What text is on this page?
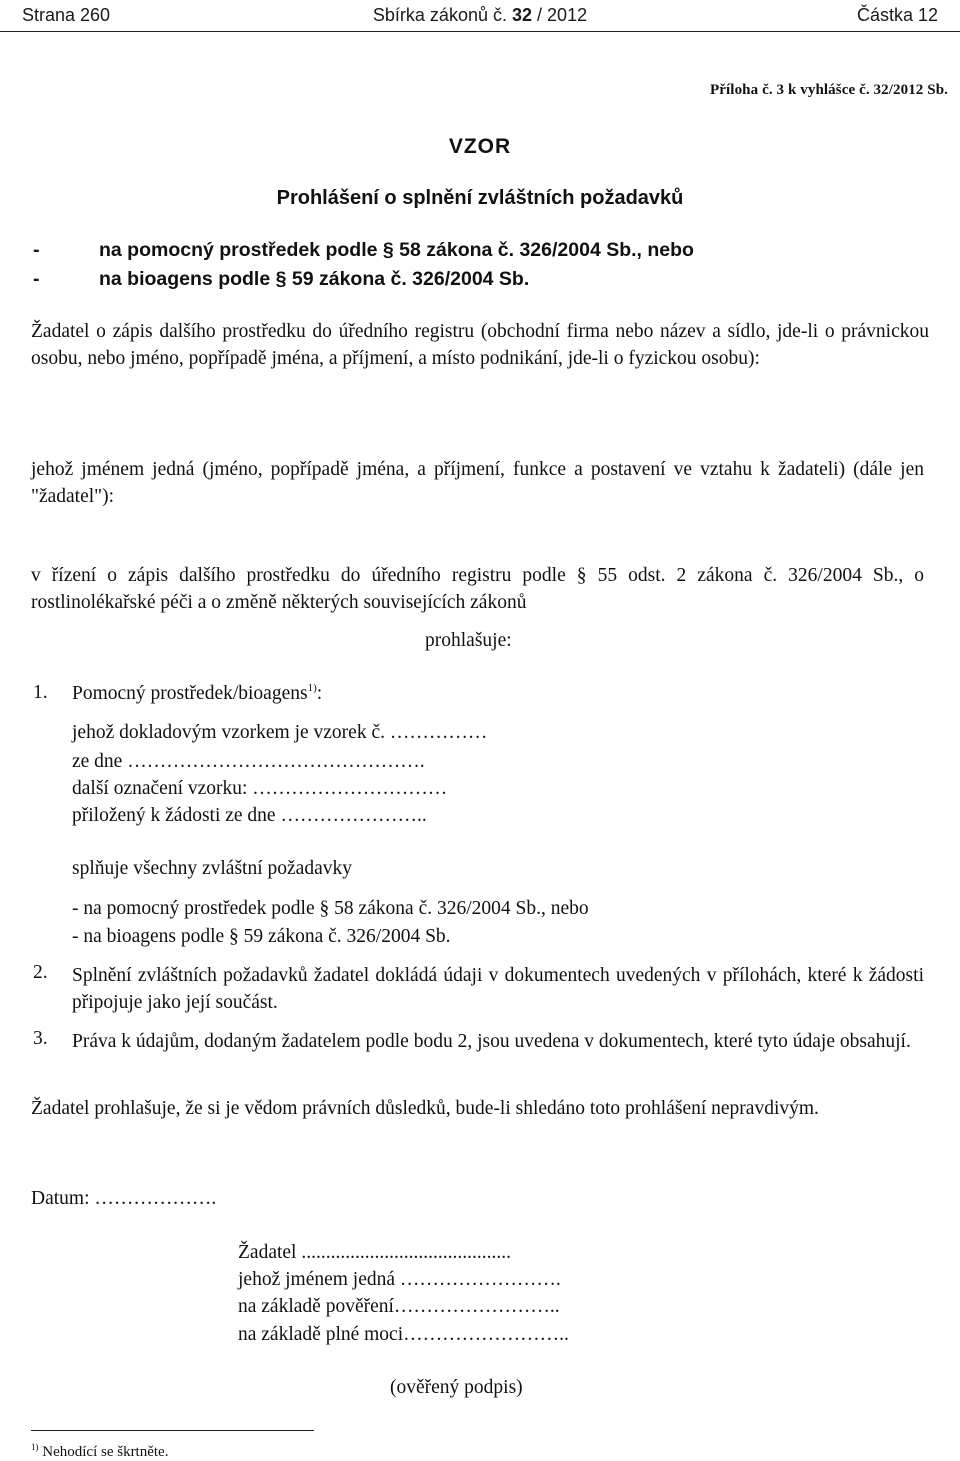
Strana 260	Sbírka zákonů č. 32 / 2012	Částka 12
Příloha č. 3 k vyhlášce č. 32/2012 Sb.
VZOR
Prohlášení o splnění zvláštních požadavků
-	na pomocný prostředek podle § 58 zákona č. 326/2004 Sb., nebo
-	na bioagens podle § 59 zákona č. 326/2004 Sb.
Žadatel o zápis dalšího prostředku do úředního registru (obchodní firma nebo název a sídlo, jde-li o právnickou osobu, nebo jméno, popřípadě jména, a příjmení, a místo podnikání, jde-li o fyzickou osobu):
jehož jménem jedná (jméno, popřípadě jména, a příjmení, funkce a postavení ve vztahu k žadateli) (dále jen "žadatel"):
v řízení o zápis dalšího prostředku do úředního registru podle § 55 odst. 2 zákona č. 326/2004 Sb., o rostlinolékařské péči a o změně některých souvisejících zákonů
prohlašuje:
1. Pomocný prostředek/bioagens$^{1)}$:
jehož dokladovým vzorkem je vzorek č. ……………
ze dne ……………………………………….
další označení vzorku: …………………………
přiložený k žádosti ze dne …………………..
splňuje všechny zvláštní požadavky
- na pomocný prostředek podle § 58 zákona č. 326/2004 Sb., nebo
- na bioagens podle § 59 zákona č. 326/2004 Sb.
2. Splnění zvláštních požadavků žadatel dokládá údaji v dokumentech uvedených v přílohách, které k žádosti připojuje jako její součást.
3. Práva k údajům, dodaným žadatelem podle bodu 2, jsou uvedena v dokumentech, které tyto údaje obsahují.
Žadatel prohlašuje, že si je vědom právních důsledků, bude-li shledáno toto prohlášení nepravdivým.
Datum: ……………….
Žadatel ...........................................
jehož jménem jedná …………………….
na základě pověření……………………..
na základě plné moci……………………..
(ověřený podpis)
$^{1)}$ Nehodící se škrtněte.
